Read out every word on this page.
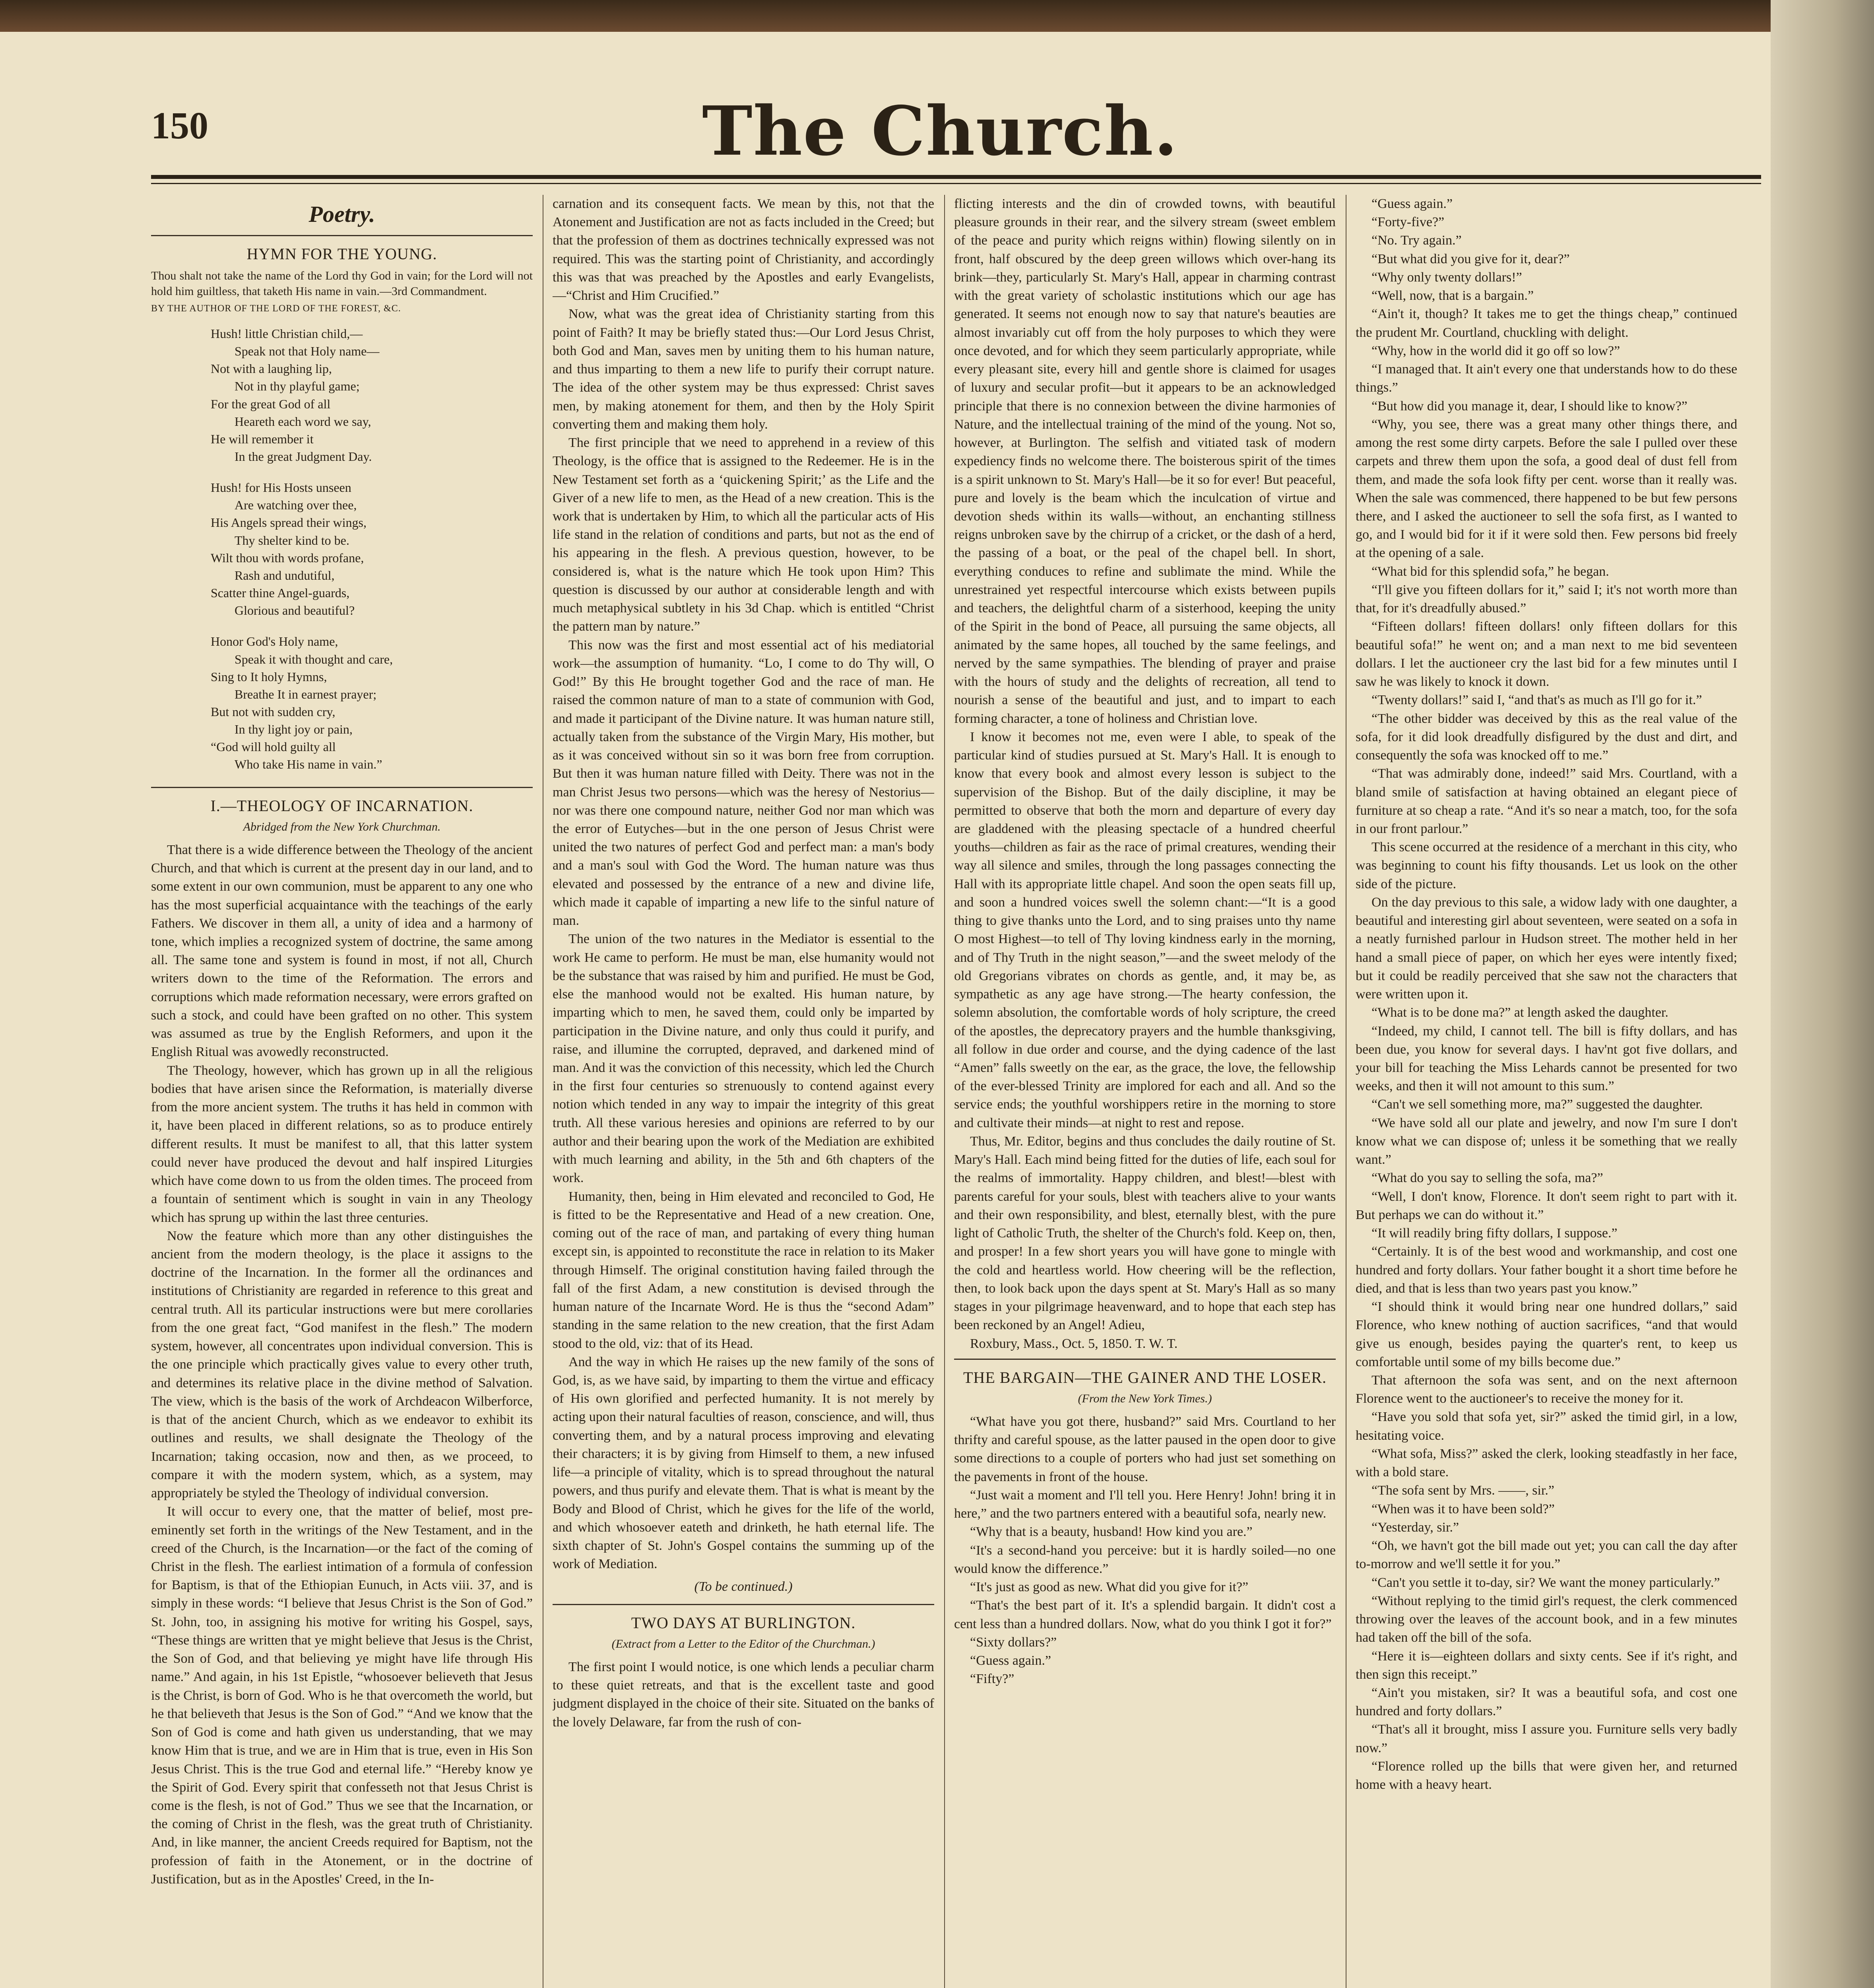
150	The Church.
Poetry.
HYMN FOR THE YOUNG.
Thou shalt not take the name of the Lord thy God in vain; for the Lord will not hold him guiltless, that taketh His name in vain.—3rd Commandment.
BY THE AUTHOR OF THE LORD OF THE FOREST, &C.
Hush! little Christian child,—
Speak not that Holy name—
Not with a laughing lip,
Not in thy playful game;
For the great God of all
Heareth each word we say,
He will remember it
In the great Judgment Day.
Hush! for His Hosts unseen
Are watching over thee,
His Angels spread their wings,
Thy shelter kind to be.
Wilt thou with words profane,
Rash and undutiful,
Scatter thine Angel-guards,
Glorious and beautiful?
Honor God's Holy name,
Speak it with thought and care,
Sing to It holy Hymns,
Breathe It in earnest prayer;
But not with sudden cry,
In thy light joy or pain,
“God will hold guilty all
Who take His name in vain.”
I.—THEOLOGY OF INCARNATION.
Abridged from the New York Churchman.

That there is a wide difference between the Theology of the ancient Church, and that which is current at the present day in our land, and to some extent in our own communion, must be apparent to any one who has the most superficial acquaintance with the teachings of the early Fathers. We discover in them all, a unity of idea and a harmony of tone, which implies a recognized system of doctrine, the same among all. The same tone and system is found in most, if not all, Church writers down to the time of the Reformation. The errors and corruptions which made reformation necessary, were errors grafted on such a stock, and could have been grafted on no other. This system was assumed as true by the English Reformers, and upon it the English Ritual was avowedly reconstructed.

The Theology, however, which has grown up in all the religious bodies that have arisen since the Reformation, is materially diverse from the more ancient system. The truths it has held in common with it, have been placed in different relations, so as to produce entirely different results. It must be manifest to all, that this latter system could never have produced the devout and half inspired Liturgies which have come down to us from the olden times. The proceed from a fountain of sentiment which is sought in vain in any Theology which has sprung up within the last three centuries.

Now the feature which more than any other distinguishes the ancient from the modern theology, is the place it assigns to the doctrine of the Incarnation. In the former all the ordinances and institutions of Christianity are regarded in reference to this great and central truth. All its particular instructions were but mere corollaries from the one great fact, “God manifest in the flesh.” The modern system, however, all concentrates upon individual conversion. This is the one principle which practically gives value to every other truth, and determines its relative place in the divine method of Salvation. The view, which is the basis of the work of Archdeacon Wilberforce, is that of the ancient Church, which as we endeavor to exhibit its outlines and results, we shall designate the Theology of the Incarnation; taking occasion, now and then, as we proceed, to compare it with the modern system, which, as a system, may appropriately be styled the Theology of individual conversion.

It will occur to every one, that the matter of belief, most pre-eminently set forth in the writings of the New Testament, and in the creed of the Church, is the Incarnation—or the fact of the coming of Christ in the flesh. The earliest intimation of a formula of confession for Baptism, is that of the Ethiopian Eunuch, in Acts viii. 37, and is simply in these words: “I believe that Jesus Christ is the Son of God.” St. John, too, in assigning his motive for writing his Gospel, says, “These things are written that ye might believe that Jesus is the Christ, the Son of God, and that believing ye might have life through His name.” And again, in his 1st Epistle, “whosoever believeth that Jesus is the Christ, is born of God. Who is he that overcometh the world, but he that believeth that Jesus is the Son of God.” “And we know that the Son of God is come and hath given us understanding, that we may know Him that is true, and we are in Him that is true, even in His Son Jesus Christ. This is the true God and eternal life.” “Hereby know ye the Spirit of God. Every spirit that confesseth not that Jesus Christ is come is the flesh, is not of God.” Thus we see that the Incarnation, or the coming of Christ in the flesh, was the great truth of Christianity. And, in like manner, the ancient Creeds required for Baptism, not the profession of faith in the Atonement, or in the doctrine of Justification, but as in the Apostles' Creed, in the In-

carnation and its consequent facts. We mean by this, not that the Atonement and Justification are not as facts included in the Creed; but that the profession of them as doctrines technically expressed was not required. This was the starting point of Christianity, and accordingly this was that was preached by the Apostles and early Evangelists,—“Christ and Him Crucified.”

Now, what was the great idea of Christianity starting from this point of Faith? It may be briefly stated thus:—Our Lord Jesus Christ, both God and Man, saves men by uniting them to his human nature, and thus imparting to them a new life to purify their corrupt nature. The idea of the other system may be thus expressed: Christ saves men, by making atonement for them, and then by the Holy Spirit converting them and making them holy.

The first principle that we need to apprehend in a review of this Theology, is the office that is assigned to the Redeemer. He is in the New Testament set forth as a ‘quickening Spirit;’ as the Life and the Giver of a new life to men, as the Head of a new creation. This is the work that is undertaken by Him, to which all the particular acts of His life stand in the relation of conditions and parts, but not as the end of his appearing in the flesh. A previous question, however, to be considered is, what is the nature which He took upon Him? This question is discussed by our author at considerable length and with much metaphysical subtlety in his 3d Chap. which is entitled “Christ the pattern man by nature.”

This now was the first and most essential act of his mediatorial work—the assumption of humanity. “Lo, I come to do Thy will, O God!” By this He brought together God and the race of man. He raised the common nature of man to a state of communion with God, and made it participant of the Divine nature. It was human nature still, actually taken from the substance of the Virgin Mary, His mother, but as it was conceived without sin so it was born free from corruption. But then it was human nature filled with Deity. There was not in the man Christ Jesus two persons—which was the heresy of Nestorius—nor was there one compound nature, neither God nor man which was the error of Eutyches—but in the one person of Jesus Christ were united the two natures of perfect God and perfect man: a man's body and a man's soul with God the Word. The human nature was thus elevated and possessed by the entrance of a new and divine life, which made it capable of imparting a new life to the sinful nature of man.

The union of the two natures in the Mediator is essential to the work He came to perform. He must be man, else humanity would not be the substance that was raised by him and purified. He must be God, else the manhood would not be exalted. His human nature, by imparting which to men, he saved them, could only be imparted by participation in the Divine nature, and only thus could it purify, and raise, and illumine the corrupted, depraved, and darkened mind of man. And it was the conviction of this necessity, which led the Church in the first four centuries so strenuously to contend against every notion which tended in any way to impair the integrity of this great truth. All these various heresies and opinions are referred to by our author and their bearing upon the work of the Mediation are exhibited with much learning and ability, in the 5th and 6th chapters of the work.

Humanity, then, being in Him elevated and reconciled to God, He is fitted to be the Representative and Head of a new creation. One, coming out of the race of man, and partaking of every thing human except sin, is appointed to reconstitute the race in relation to its Maker through Himself. The original constitution having failed through the fall of the first Adam, a new constitution is devised through the human nature of the Incarnate Word. He is thus the “second Adam” standing in the same relation to the new creation, that the first Adam stood to the old, viz: that of its Head.

And the way in which He raises up the new family of the sons of God, is, as we have said, by imparting to them the virtue and efficacy of His own glorified and perfected humanity. It is not merely by acting upon their natural faculties of reason, conscience, and will, thus converting them, and by a natural process improving and elevating their characters; it is by giving from Himself to them, a new infused life—a principle of vitality, which is to spread throughout the natural powers, and thus purify and elevate them. That is what is meant by the Body and Blood of Christ, which he gives for the life of the world, and which whosoever eateth and drinketh, he hath eternal life. The sixth chapter of St. John's Gospel contains the summing up of the work of Mediation.

(To be continued.)
TWO DAYS AT BURLINGTON.
(Extract from a Letter to the Editor of the Churchman.)

The first point I would notice, is one which lends a peculiar charm to these quiet retreats, and that is the excellent taste and good judgment displayed in the choice of their site. Situated on the banks of the lovely Delaware, far from the rush of con-

flicting interests and the din of crowded towns, with beautiful pleasure grounds in their rear, and the silvery stream (sweet emblem of the peace and purity which reigns within) flowing silently on in front, half obscured by the deep green willows which over-hang its brink—they, particularly St. Mary's Hall, appear in charming contrast with the great variety of scholastic institutions which our age has generated. It seems not enough now to say that nature's beauties are almost invariably cut off from the holy purposes to which they were once devoted, and for which they seem particularly appropriate, while every pleasant site, every hill and gentle shore is claimed for usages of luxury and secular profit—but it appears to be an acknowledged principle that there is no connexion between the divine harmonies of Nature, and the intellectual training of the mind of the young. Not so, however, at Burlington. The selfish and vitiated task of modern expediency finds no welcome there. The boisterous spirit of the times is a spirit unknown to St. Mary's Hall—be it so for ever! But peaceful, pure and lovely is the beam which the inculcation of virtue and devotion sheds within its walls—without, an enchanting stillness reigns unbroken save by the chirrup of a cricket, or the dash of a herd, the passing of a boat, or the peal of the chapel bell. In short, everything conduces to refine and sublimate the mind. While the unrestrained yet respectful intercourse which exists between pupils and teachers, the delightful charm of a sisterhood, keeping the unity of the Spirit in the bond of Peace, all pursuing the same objects, all animated by the same hopes, all touched by the same feelings, and nerved by the same sympathies. The blending of prayer and praise with the hours of study and the delights of recreation, all tend to nourish a sense of the beautiful and just, and to impart to each forming character, a tone of holiness and Christian love.

I know it becomes not me, even were I able, to speak of the particular kind of studies pursued at St. Mary's Hall. It is enough to know that every book and almost every lesson is subject to the supervision of the Bishop. But of the daily discipline, it may be permitted to observe that both the morn and departure of every day are gladdened with the pleasing spectacle of a hundred cheerful youths—children as fair as the race of primal creatures, wending their way all silence and smiles, through the long passages connecting the Hall with its appropriate little chapel. And soon the open seats fill up, and soon a hundred voices swell the solemn chant:—“It is a good thing to give thanks unto the Lord, and to sing praises unto thy name O most Highest—to tell of Thy loving kindness early in the morning, and of Thy Truth in the night season,”—and the sweet melody of the old Gregorians vibrates on chords as gentle, and, it may be, as sympathetic as any age have strong.—The hearty confession, the solemn absolution, the comfortable words of holy scripture, the creed of the apostles, the deprecatory prayers and the humble thanksgiving, all follow in due order and course, and the dying cadence of the last “Amen” falls sweetly on the ear, as the grace, the love, the fellowship of the ever-blessed Trinity are implored for each and all. And so the service ends; the youthful worshippers retire in the morning to store and cultivate their minds—at night to rest and repose.

Thus, Mr. Editor, begins and thus concludes the daily routine of St. Mary's Hall. Each mind being fitted for the duties of life, each soul for the realms of immortality. Happy children, and blest!—blest with parents careful for your souls, blest with teachers alive to your wants and their own responsibility, and blest, eternally blest, with the pure light of Catholic Truth, the shelter of the Church's fold. Keep on, then, and prosper! In a few short years you will have gone to mingle with the cold and heartless world. How cheering will be the reflection, then, to look back upon the days spent at St. Mary's Hall as so many stages in your pilgrimage heavenward, and to hope that each step has been reckoned by an Angel! Adieu,

Roxbury, Mass., Oct. 5, 1850. T. W. T.
THE BARGAIN—THE GAINER AND THE LOSER.
(From the New York Times.)

“What have you got there, husband?” said Mrs. Courtland to her thrifty and careful spouse, as the latter paused in the open door to give some directions to a couple of porters who had just set something on the pavements in front of the house.

“Just wait a moment and I'll tell you. Here Henry! John! bring it in here,” and the two partners entered with a beautiful sofa, nearly new.

“Why that is a beauty, husband! How kind you are.”

“It's a second-hand you perceive: but it is hardly soiled—no one would know the difference.”

“It's just as good as new. What did you give for it?”

“That's the best part of it. It's a splendid bargain. It didn't cost a cent less than a hundred dollars. Now, what do you think I got it for?”

“Sixty dollars?”

“Guess again.”

“Fifty?”

“Guess again.”

“Forty-five?”

“No. Try again.”

“But what did you give for it, dear?”

“Why only twenty dollars!”

“Well, now, that is a bargain.”

“Ain't it, though? It takes me to get the things cheap,” continued the prudent Mr. Courtland, chuckling with delight.

“Why, how in the world did it go off so low?”

“I managed that. It ain't every one that understands how to do these things.”

“But how did you manage it, dear, I should like to know?”

“Why, you see, there was a great many other things there, and among the rest some dirty carpets. Before the sale I pulled over these carpets and threw them upon the sofa, a good deal of dust fell from them, and made the sofa look fifty per cent. worse than it really was. When the sale was commenced, there happened to be but few persons there, and I asked the auctioneer to sell the sofa first, as I wanted to go, and I would bid for it if it were sold then. Few persons bid freely at the opening of a sale.

“What bid for this splendid sofa,” he began.

“I'll give you fifteen dollars for it,” said I; it's not worth more than that, for it's dreadfully abused.”

“Fifteen dollars! fifteen dollars! only fifteen dollars for this beautiful sofa!” he went on; and a man next to me bid seventeen dollars. I let the auctioneer cry the last bid for a few minutes until I saw he was likely to knock it down.

“Twenty dollars!” said I, “and that's as much as I'll go for it.”

“The other bidder was deceived by this as the real value of the sofa, for it did look dreadfully disfigured by the dust and dirt, and consequently the sofa was knocked off to me.”

“That was admirably done, indeed!” said Mrs. Courtland, with a bland smile of satisfaction at having obtained an elegant piece of furniture at so cheap a rate. “And it's so near a match, too, for the sofa in our front parlour.”

This scene occurred at the residence of a merchant in this city, who was beginning to count his fifty thousands. Let us look on the other side of the picture.

On the day previous to this sale, a widow lady with one daughter, a beautiful and interesting girl about seventeen, were seated on a sofa in a neatly furnished parlour in Hudson street. The mother held in her hand a small piece of paper, on which her eyes were intently fixed; but it could be readily perceived that she saw not the characters that were written upon it.

“What is to be done ma?” at length asked the daughter.

“Indeed, my child, I cannot tell. The bill is fifty dollars, and has been due, you know for several days. I hav'nt got five dollars, and your bill for teaching the Miss Lehards cannot be presented for two weeks, and then it will not amount to this sum.”

“Can't we sell something more, ma?” suggested the daughter.

“We have sold all our plate and jewelry, and now I'm sure I don't know what we can dispose of; unless it be something that we really want.”

“What do you say to selling the sofa, ma?”

“Well, I don't know, Florence. It don't seem right to part with it. But perhaps we can do without it.”

“It will readily bring fifty dollars, I suppose.”

“Certainly. It is of the best wood and workmanship, and cost one hundred and forty dollars. Your father bought it a short time before he died, and that is less than two years past you know.”

“I should think it would bring near one hundred dollars,” said Florence, who knew nothing of auction sacrifices, “and that would give us enough, besides paying the quarter's rent, to keep us comfortable until some of my bills become due.”

That afternoon the sofa was sent, and on the next afternoon Florence went to the auctioneer's to receive the money for it.

“Have you sold that sofa yet, sir?” asked the timid girl, in a low, hesitating voice.

“What sofa, Miss?” asked the clerk, looking steadfastly in her face, with a bold stare.

“The sofa sent by Mrs. ——, sir.”

“When was it to have been sold?”

“Yesterday, sir.”

“Oh, we havn't got the bill made out yet; you can call the day after to-morrow and we'll settle it for you.”

“Can't you settle it to-day, sir? We want the money particularly.”

“Without replying to the timid girl's request, the clerk commenced throwing over the leaves of the account book, and in a few minutes had taken off the bill of the sofa.

“Here it is—eighteen dollars and sixty cents. See if it's right, and then sign this receipt.”

“Ain't you mistaken, sir? It was a beautiful sofa, and cost one hundred and forty dollars.”

“That's all it brought, miss I assure you. Furniture sells very badly now.”

“Florence rolled up the bills that were given her, and returned home with a heavy heart.
